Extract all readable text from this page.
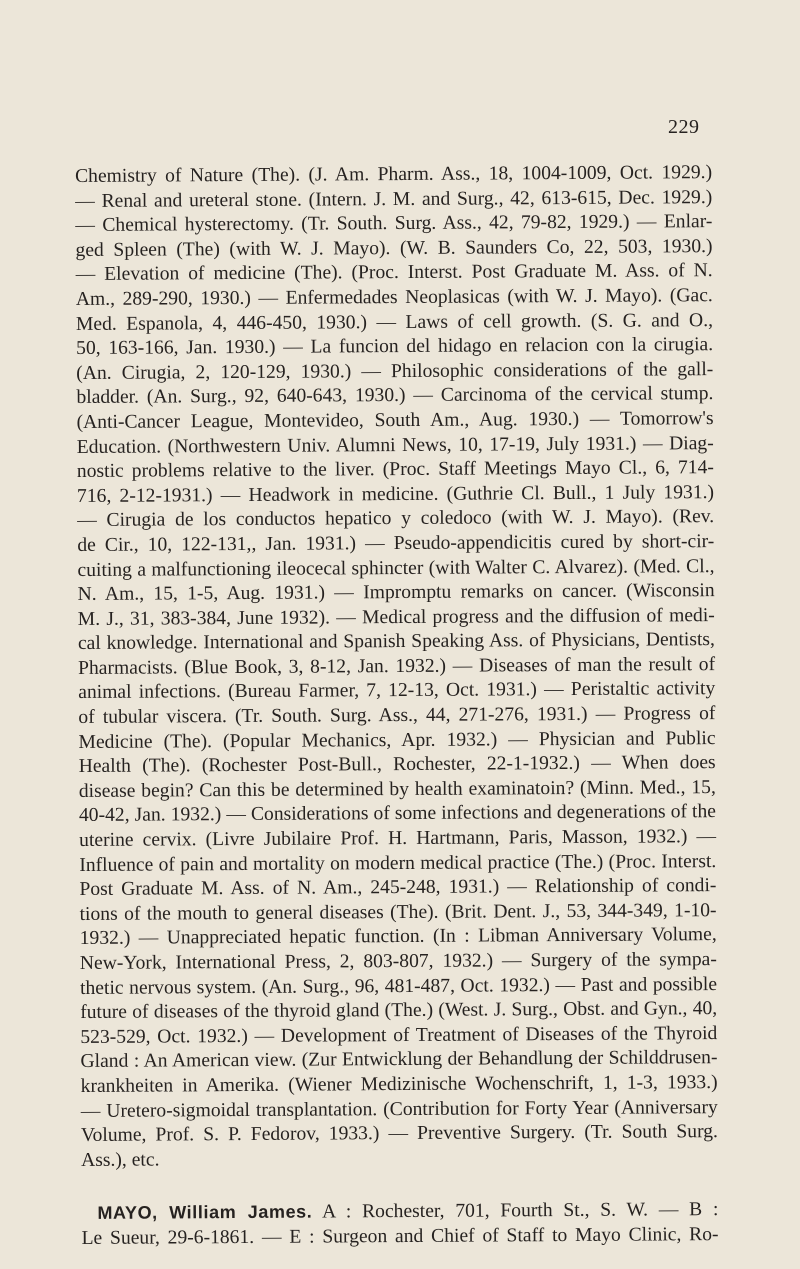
229
Chemistry of Nature (The). (J. Am. Pharm. Ass., 18, 1004-1009, Oct. 1929.)
— Renal and ureteral stone. (Intern. J. M. and Surg., 42, 613-615, Dec. 1929.)
— Chemical hysterectomy. (Tr. South. Surg. Ass., 42, 79-82, 1929.) — Enlar-
ged Spleen (The) (with W. J. Mayo). (W. B. Saunders Co, 22, 503, 1930.)
— Elevation of medicine (The). (Proc. Interst. Post Graduate M. Ass. of N.
Am., 289-290, 1930.) — Enfermedades Neoplasicas (with W. J. Mayo). (Gac.
Med. Espanola, 4, 446-450, 1930.) — Laws of cell growth. (S. G. and O.,
50, 163-166, Jan. 1930.) — La funcion del hidago en relacion con la cirugia.
(An. Cirugia, 2, 120-129, 1930.) — Philosophic considerations of the gall-
bladder. (An. Surg., 92, 640-643, 1930.) — Carcinoma of the cervical stump.
(Anti-Cancer League, Montevideo, South Am., Aug. 1930.) — Tomorrow's
Education. (Northwestern Univ. Alumni News, 10, 17-19, July 1931.) — Diag-
nostic problems relative to the liver. (Proc. Staff Meetings Mayo Cl., 6, 714-
716, 2-12-1931.) — Headwork in medicine. (Guthrie Cl. Bull., 1 July 1931.)
— Cirugia de los conductos hepatico y coledoco (with W. J. Mayo). (Rev.
de Cir., 10, 122-131,, Jan. 1931.) — Pseudo-appendicitis cured by short-cir-
cuiting a malfunctioning ileocecal sphincter (with Walter C. Alvarez). (Med. Cl.,
N. Am., 15, 1-5, Aug. 1931.) — Impromptu remarks on cancer. (Wisconsin
M. J., 31, 383-384, June 1932). — Medical progress and the diffusion of medi-
cal knowledge. International and Spanish Speaking Ass. of Physicians, Dentists,
Pharmacists. (Blue Book, 3, 8-12, Jan. 1932.) — Diseases of man the result of
animal infections. (Bureau Farmer, 7, 12-13, Oct. 1931.) — Peristaltic activity
of tubular viscera. (Tr. South. Surg. Ass., 44, 271-276, 1931.) — Progress of
Medicine (The). (Popular Mechanics, Apr. 1932.) — Physician and Public
Health (The). (Rochester Post-Bull., Rochester, 22-1-1932.) — When does
disease begin? Can this be determined by health examinatoin? (Minn. Med., 15,
40-42, Jan. 1932.) — Considerations of some infections and degenerations of the
uterine cervix. (Livre Jubilaire Prof. H. Hartmann, Paris, Masson, 1932.) —
Influence of pain and mortality on modern medical practice (The.) (Proc. Interst.
Post Graduate M. Ass. of N. Am., 245-248, 1931.) — Relationship of condi-
tions of the mouth to general diseases (The). (Brit. Dent. J., 53, 344-349, 1-10-
1932.) — Unappreciated hepatic function. (In : Libman Anniversary Volume,
New-York, International Press, 2, 803-807, 1932.) — Surgery of the sympa-
thetic nervous system. (An. Surg., 96, 481-487, Oct. 1932.) — Past and possible
future of diseases of the thyroid gland (The.) (West. J. Surg., Obst. and Gyn., 40,
523-529, Oct. 1932.) — Development of Treatment of Diseases of the Thyroid
Gland : An American view. (Zur Entwicklung der Behandlung der Schilddrusen-
krankheiten in Amerika. (Wiener Medizinische Wochenschrift, 1, 1-3, 1933.)
— Uretero-sigmoidal transplantation. (Contribution for Forty Year (Anniversary
Volume, Prof. S. P. Fedorov, 1933.) — Preventive Surgery. (Tr. South Surg.
Ass.), etc.
MAYO, William James. A : Rochester, 701, Fourth St., S. W. — B :
Le Sueur, 29-6-1861. — E : Surgeon and Chief of Staff to Mayo Clinic, Ro-
